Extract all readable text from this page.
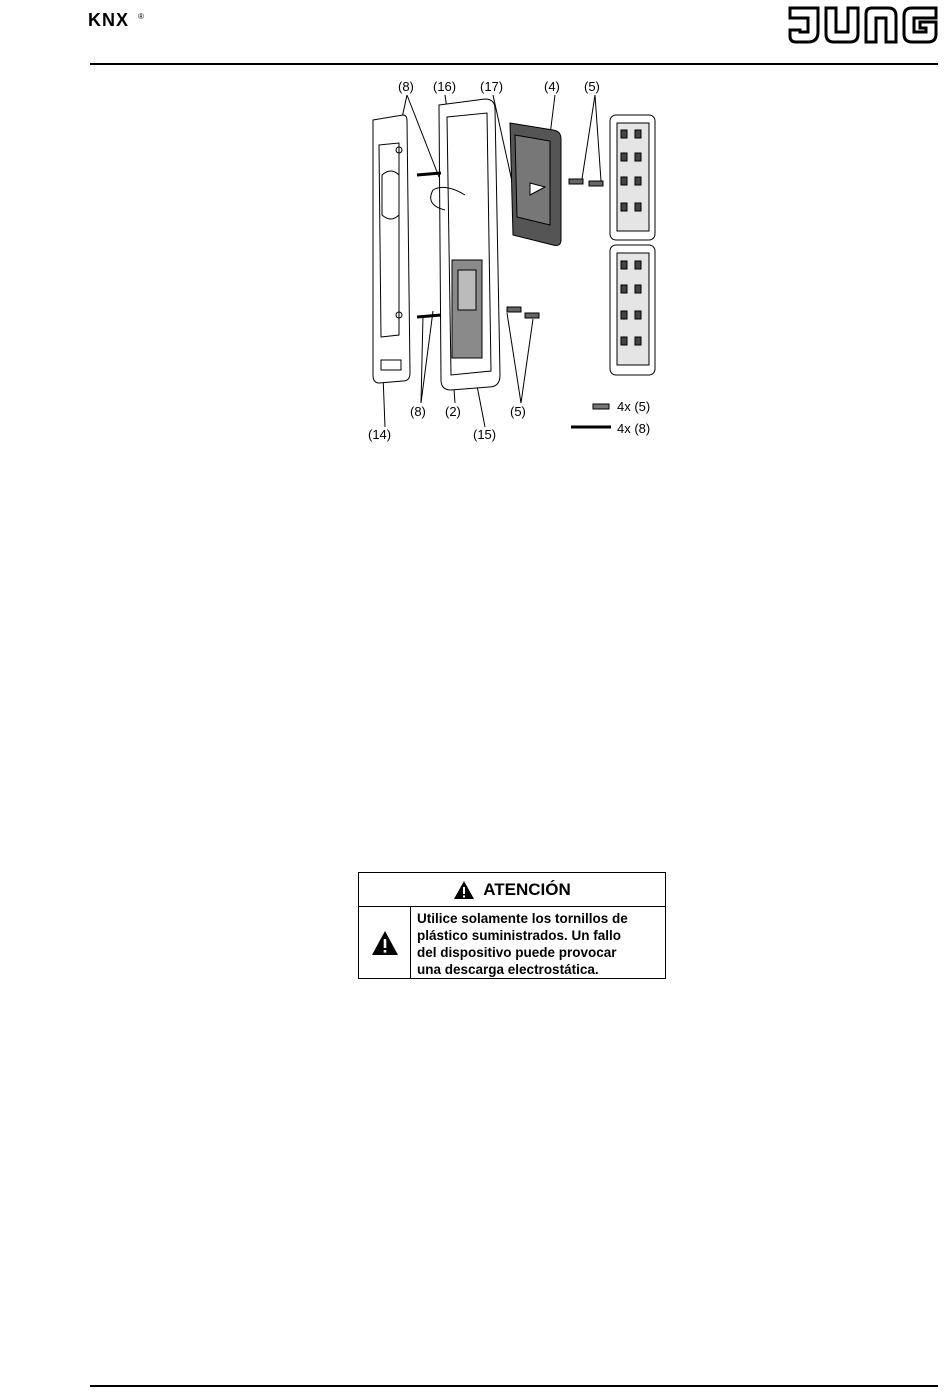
KNX ®
(8) (16) (17)	(4) (5)
(8) (2)	(5)
(14)	(15)
4x (5)
4x (8)
ATENCIÓN
Utilice solamente los tornillos de
plástico suministrados. Un fallo
del dispositivo puede provocar
una descarga electrostática.
